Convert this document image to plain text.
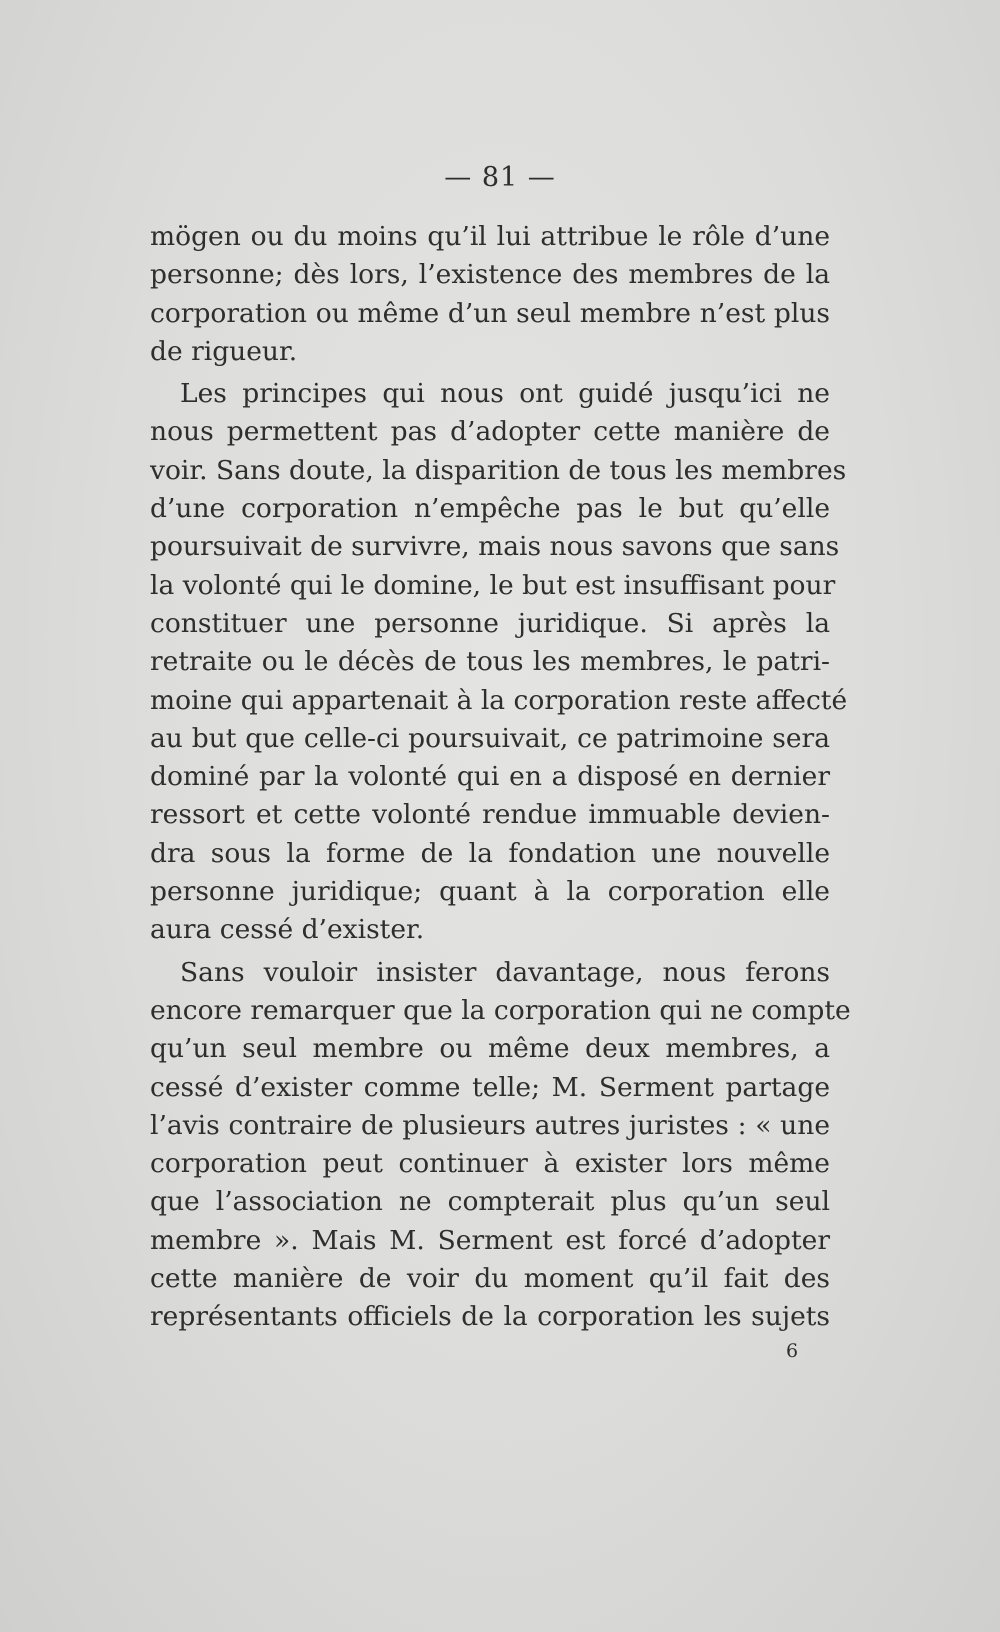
— 81 —
mögen ou du moins qu’il lui attribue le rôle d’une
personne; dès lors, l’existence des membres de la
corporation ou même d’un seul membre n’est plus
de rigueur.
Les principes qui nous ont guidé jusqu’ici ne
nous permettent pas d’adopter cette manière de
voir. Sans doute, la disparition de tous les membres
d’une corporation n’empêche pas le but qu’elle
poursuivait de survivre, mais nous savons que sans
la volonté qui le domine, le but est insuffisant pour
constituer une personne juridique. Si après la
retraite ou le décès de tous les membres, le patri-
moine qui appartenait à la corporation reste affecté
au but que celle-ci poursuivait, ce patrimoine sera
dominé par la volonté qui en a disposé en dernier
ressort et cette volonté rendue immuable devien-
dra sous la forme de la fondation une nouvelle
personne juridique; quant à la corporation elle
aura cessé d’exister.
Sans vouloir insister davantage, nous ferons
encore remarquer que la corporation qui ne compte
qu’un seul membre ou même deux membres, a
cessé d’exister comme telle; M. Serment partage
l’avis contraire de plusieurs autres juristes : « une
corporation peut continuer à exister lors même
que l’association ne compterait plus qu’un seul
membre ». Mais M. Serment est forcé d’adopter
cette manière de voir du moment qu’il fait des
représentants officiels de la corporation les sujets
6
